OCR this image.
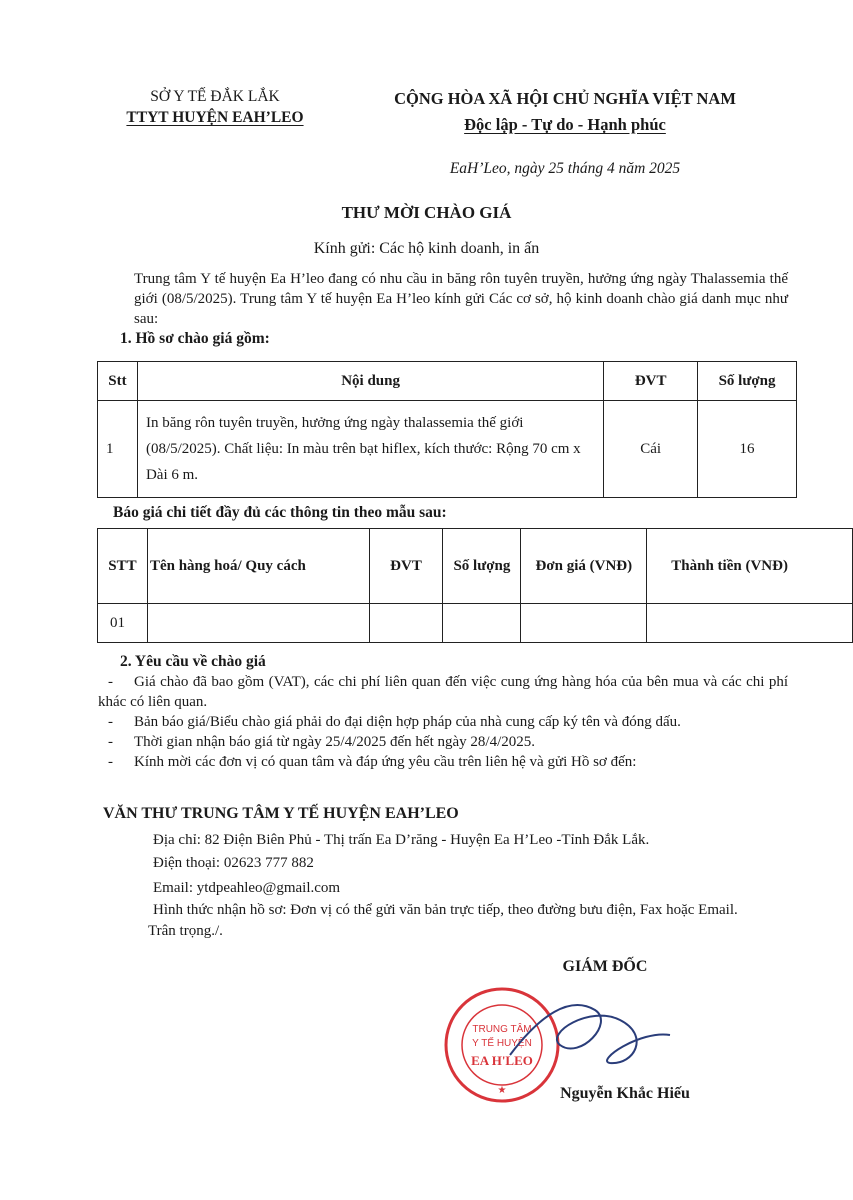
SỞ Y TẾ ĐẮK LẮK
TTYT HUYỆN EAH’LEO
CỘNG HÒA XÃ HỘI CHỦ NGHĨA VIỆT NAM
Độc lập - Tự do - Hạnh phúc
EaH’Leo, ngày 25 tháng 4 năm 2025
THƯ MỜI CHÀO GIÁ
Kính gửi: Các hộ kinh doanh, in ấn
Trung tâm Y tế huyện Ea H’leo đang có nhu cầu in băng rôn tuyên truyền, hưởng ứng ngày Thalassemia thế giới (08/5/2025). Trung tâm Y tế huyện Ea H’leo kính gửi Các cơ sở, hộ kinh doanh chào giá danh mục như sau:
1. Hồ sơ chào giá gồm:
Stt	Nội dung	ĐVT	Số lượng
1	In băng rôn tuyên truyền, hưởng ứng ngày thalassemia thế giới (08/5/2025). Chất liệu: In màu trên bạt hiflex, kích thước: Rộng 70 cm x Dài 6 m.	Cái	16
Báo giá chi tiết đầy đủ các thông tin theo mẫu sau:
STT	Tên hàng hoá/ Quy cách	ĐVT	Số lượng	Đơn giá (VNĐ)	Thành tiền (VNĐ)
01					
2. Yêu cầu về chào giá

- Giá chào đã bao gồm (VAT), các chi phí liên quan đến việc cung ứng hàng hóa của bên mua và các chi phí khác có liên quan.

- Bản báo giá/Biểu chào giá phải do đại diện hợp pháp của nhà cung cấp ký tên và đóng dấu.

- Thời gian nhận báo giá từ ngày 25/4/2025 đến hết ngày 28/4/2025.

- Kính mời các đơn vị có quan tâm và đáp ứng yêu cầu trên liên hệ và gửi Hồ sơ đến:

VĂN THƯ TRUNG TÂM Y TẾ HUYỆN EAH’LEO
Địa chỉ: 82 Điện Biên Phủ - Thị trấn Ea D’răng - Huyện Ea H’Leo -Tỉnh Đắk Lắk.
Điện thoại: 02623 777 882
Email: ytdpeahleo@gmail.com
Hình thức nhận hồ sơ: Đơn vị có thể gửi văn bản trực tiếp, theo đường bưu điện, Fax hoặc Email.
Trân trọng./.
GIÁM ĐỐC
TRUNG TÂM
Y TẾ HUYỆN
EA H'LEO
★	Nguyễn Khắc Hiếu
